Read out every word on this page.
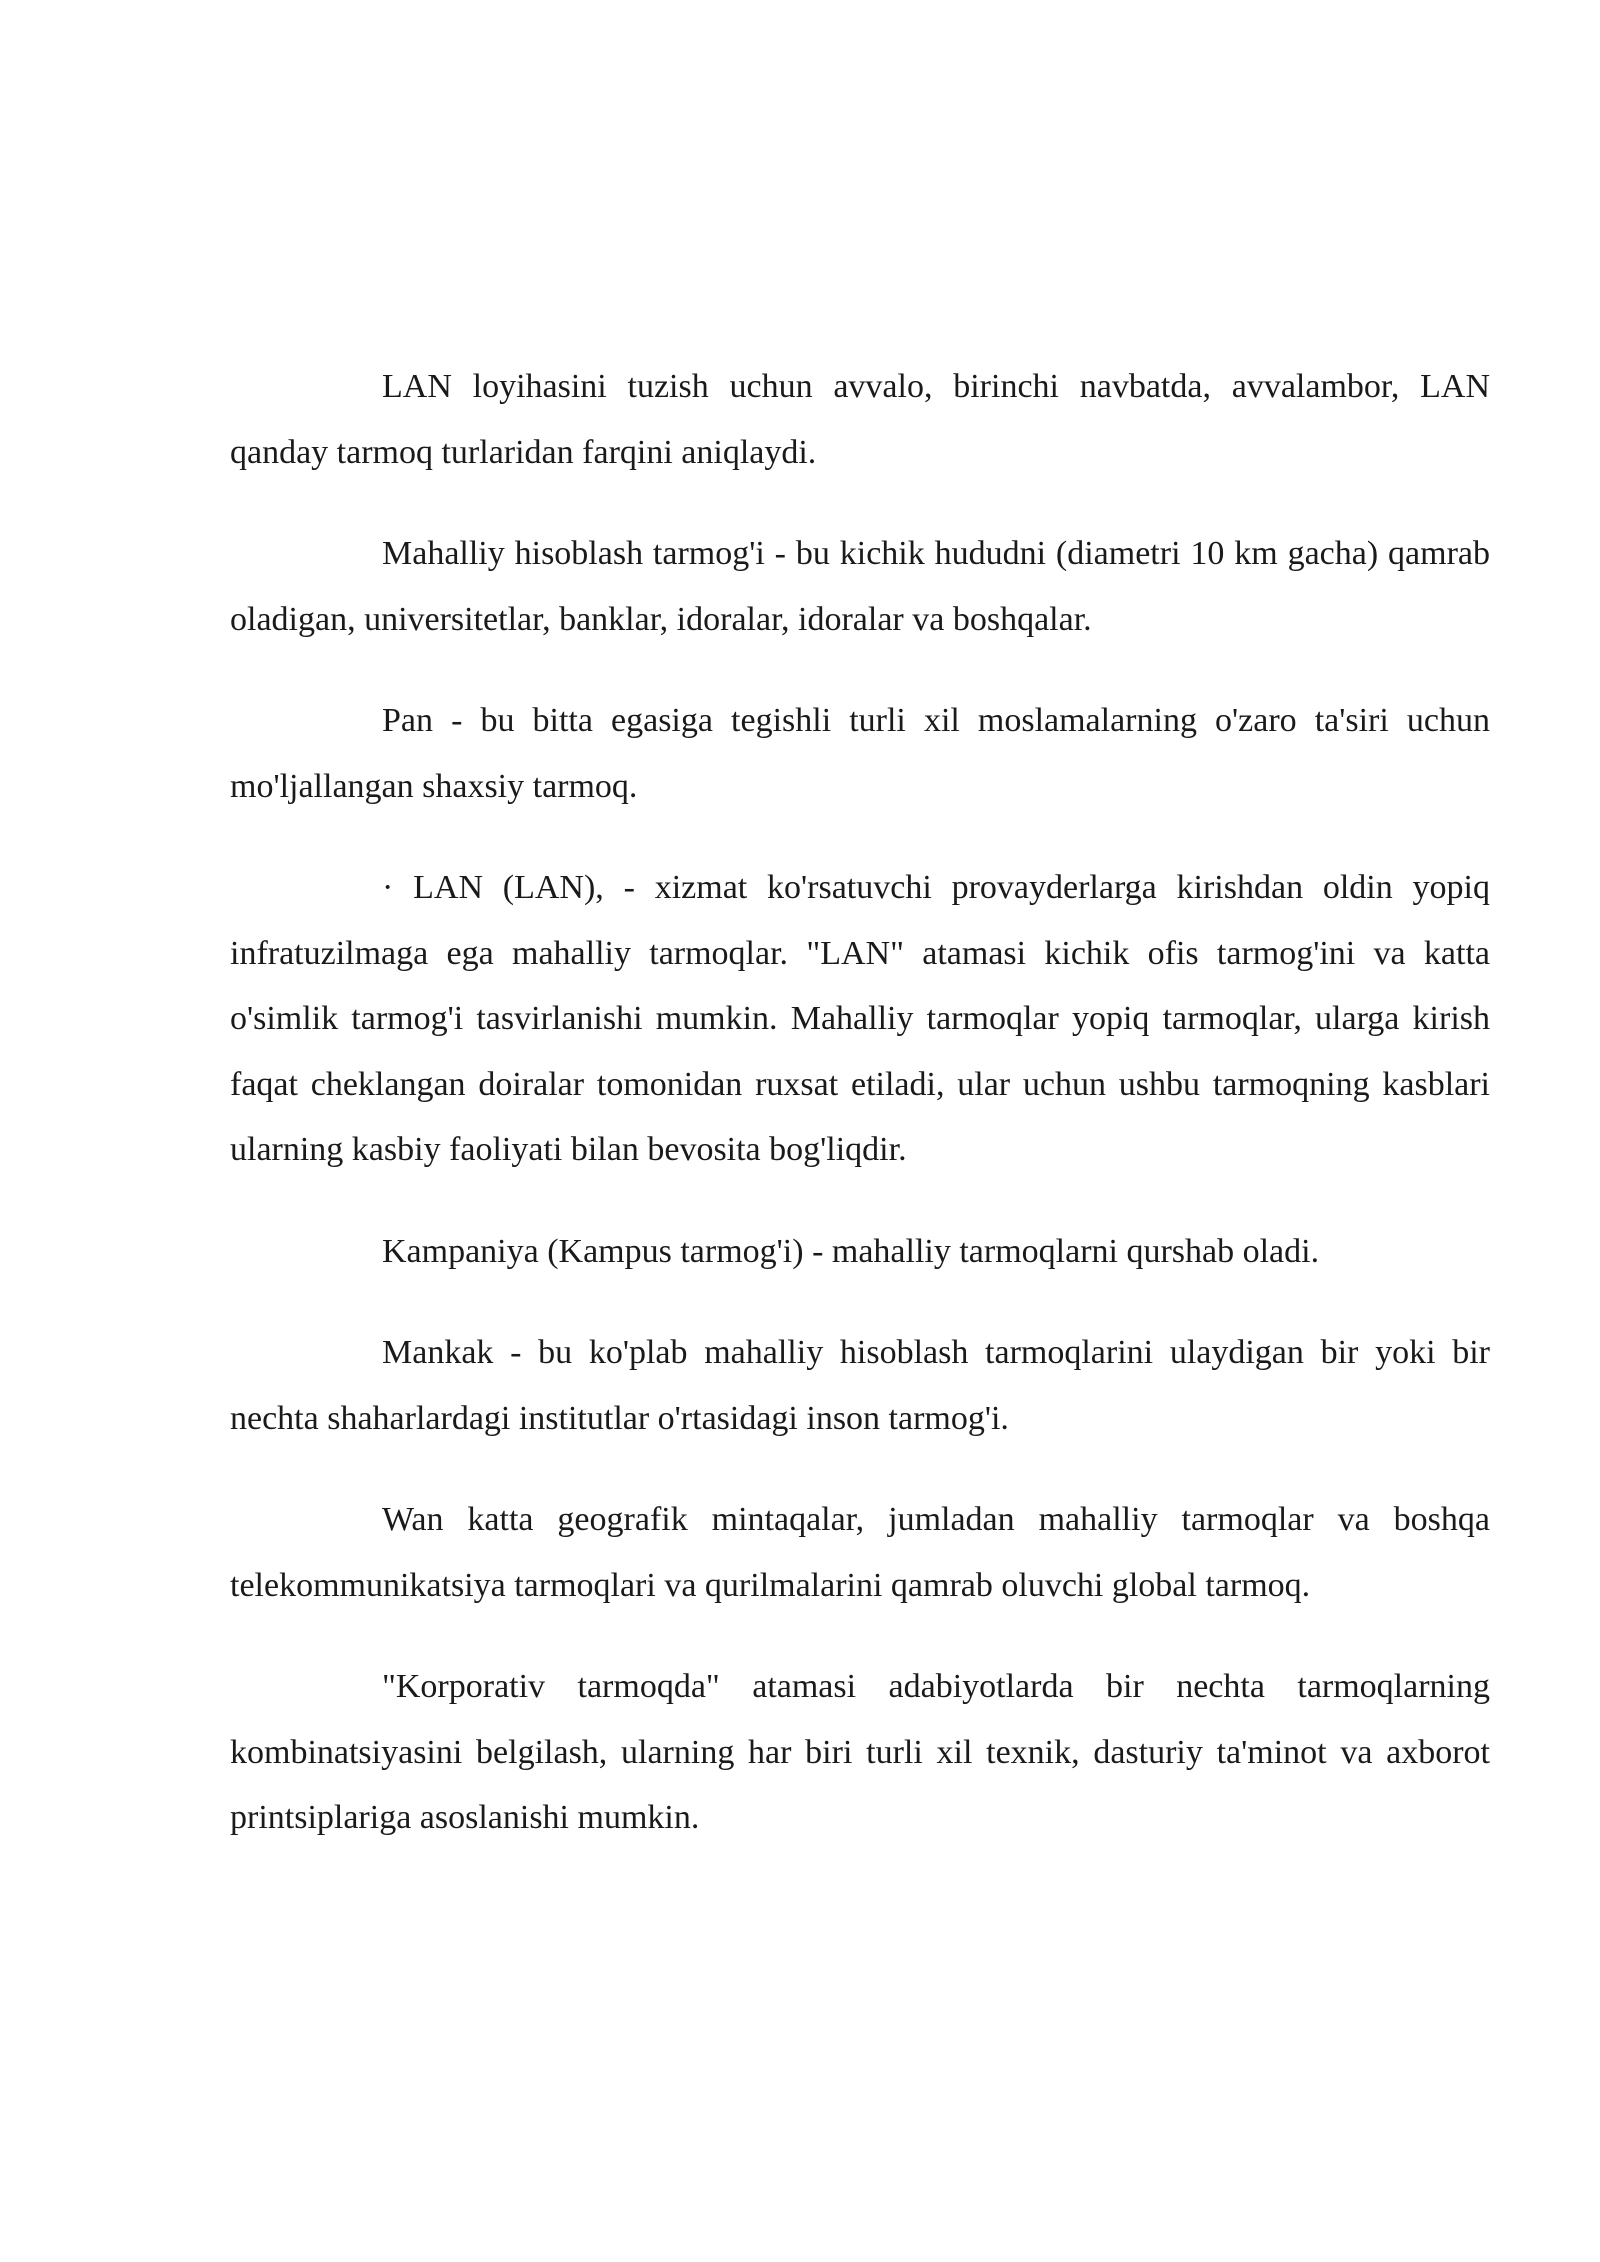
LAN loyihasini tuzish uchun avvalo, birinchi navbatda, avvalambor, LAN qanday tarmoq turlaridan farqini aniqlaydi.

Mahalliy hisoblash tarmog'i - bu kichik hududni (diametri 10 km gacha) qamrab oladigan, universitetlar, banklar, idoralar, idoralar va boshqalar.

Pan - bu bitta egasiga tegishli turli xil moslamalarning o'zaro ta'siri uchun mo'ljallangan shaxsiy tarmoq.

· LAN (LAN), - xizmat ko'rsatuvchi provayderlarga kirishdan oldin yopiq infratuzilmaga ega mahalliy tarmoqlar. "LAN" atamasi kichik ofis tarmog'ini va katta o'simlik tarmog'i tasvirlanishi mumkin. Mahalliy tarmoqlar yopiq tarmoqlar, ularga kirish faqat cheklangan doiralar tomonidan ruxsat etiladi, ular uchun ushbu tarmoqning kasblari ularning kasbiy faoliyati bilan bevosita bog'liqdir.

Kampaniya (Kampus tarmog'i) - mahalliy tarmoqlarni qurshab oladi.

Mankak - bu ko'plab mahalliy hisoblash tarmoqlarini ulaydigan bir yoki bir nechta shaharlardagi institutlar o'rtasidagi inson tarmog'i.

Wan katta geografik mintaqalar, jumladan mahalliy tarmoqlar va boshqa telekommunikatsiya tarmoqlari va qurilmalarini qamrab oluvchi global tarmoq.

"Korporativ tarmoqda" atamasi adabiyotlarda bir nechta tarmoqlarning kombinatsiyasini belgilash, ularning har biri turli xil texnik, dasturiy ta'minot va axborot printsiplariga asoslanishi mumkin.
